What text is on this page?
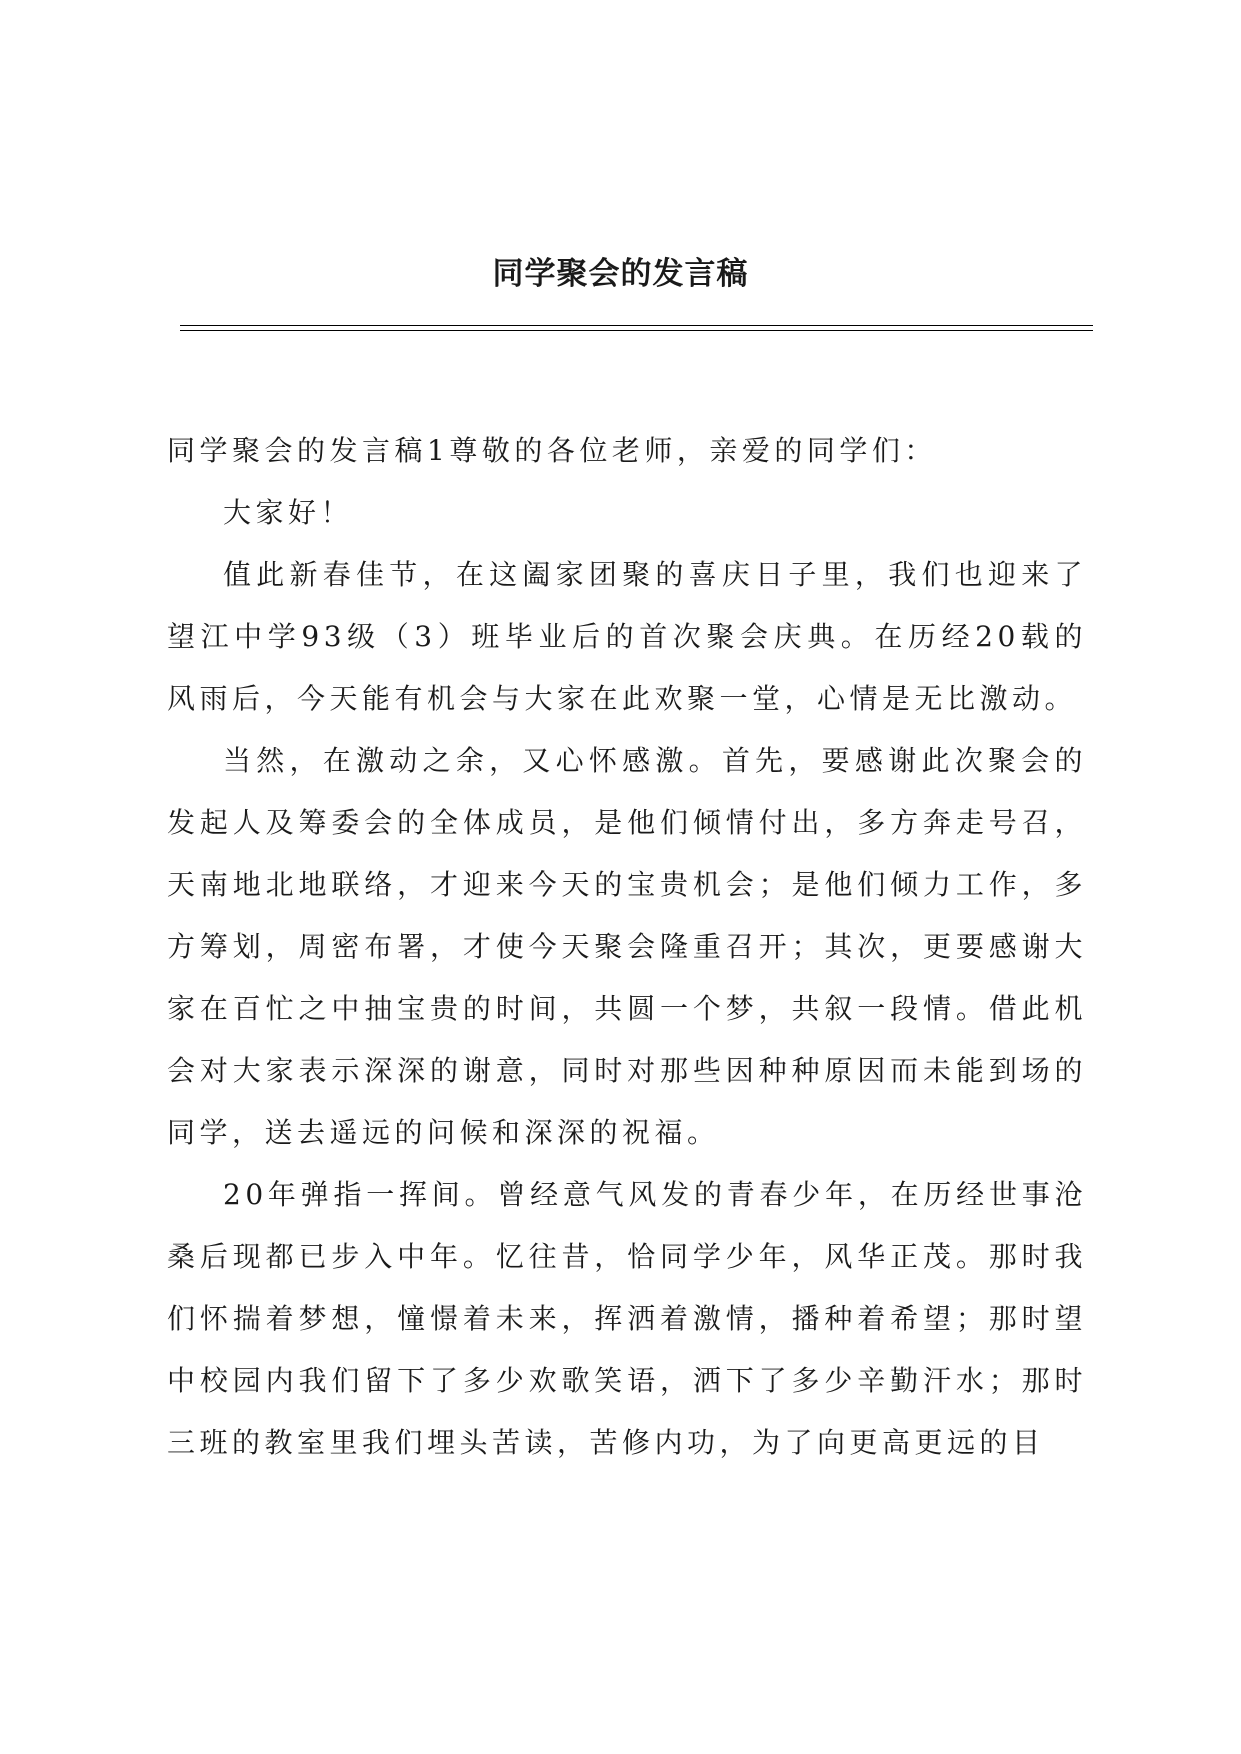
同学聚会的发言稿

同学聚会的发言稿1尊敬的各位老师，亲爱的同学们：

大家好！

值此新春佳节，在这阖家团聚的喜庆日子里，我们也迎来了望江中学93级（3）班毕业后的首次聚会庆典。在历经20载的风雨后，今天能有机会与大家在此欢聚一堂，心情是无比激动。

当然，在激动之余，又心怀感激。首先，要感谢此次聚会的发起人及筹委会的全体成员，是他们倾情付出，多方奔走号召，天南地北地联络，才迎来今天的宝贵机会；是他们倾力工作，多方筹划，周密布署，才使今天聚会隆重召开；其次，更要感谢大家在百忙之中抽宝贵的时间，共圆一个梦，共叙一段情。借此机会对大家表示深深的谢意，同时对那些因种种原因而未能到场的同学，送去遥远的问候和深深的祝福。

20年弹指一挥间。曾经意气风发的青春少年，在历经世事沧桑后现都已步入中年。忆往昔，恰同学少年，风华正茂。那时我们怀揣着梦想，憧憬着未来，挥洒着激情，播种着希望；那时望中校园内我们留下了多少欢歌笑语，洒下了多少辛勤汗水；那时三班的教室里我们埋头苦读，苦修内功，为了向更高更远的目
